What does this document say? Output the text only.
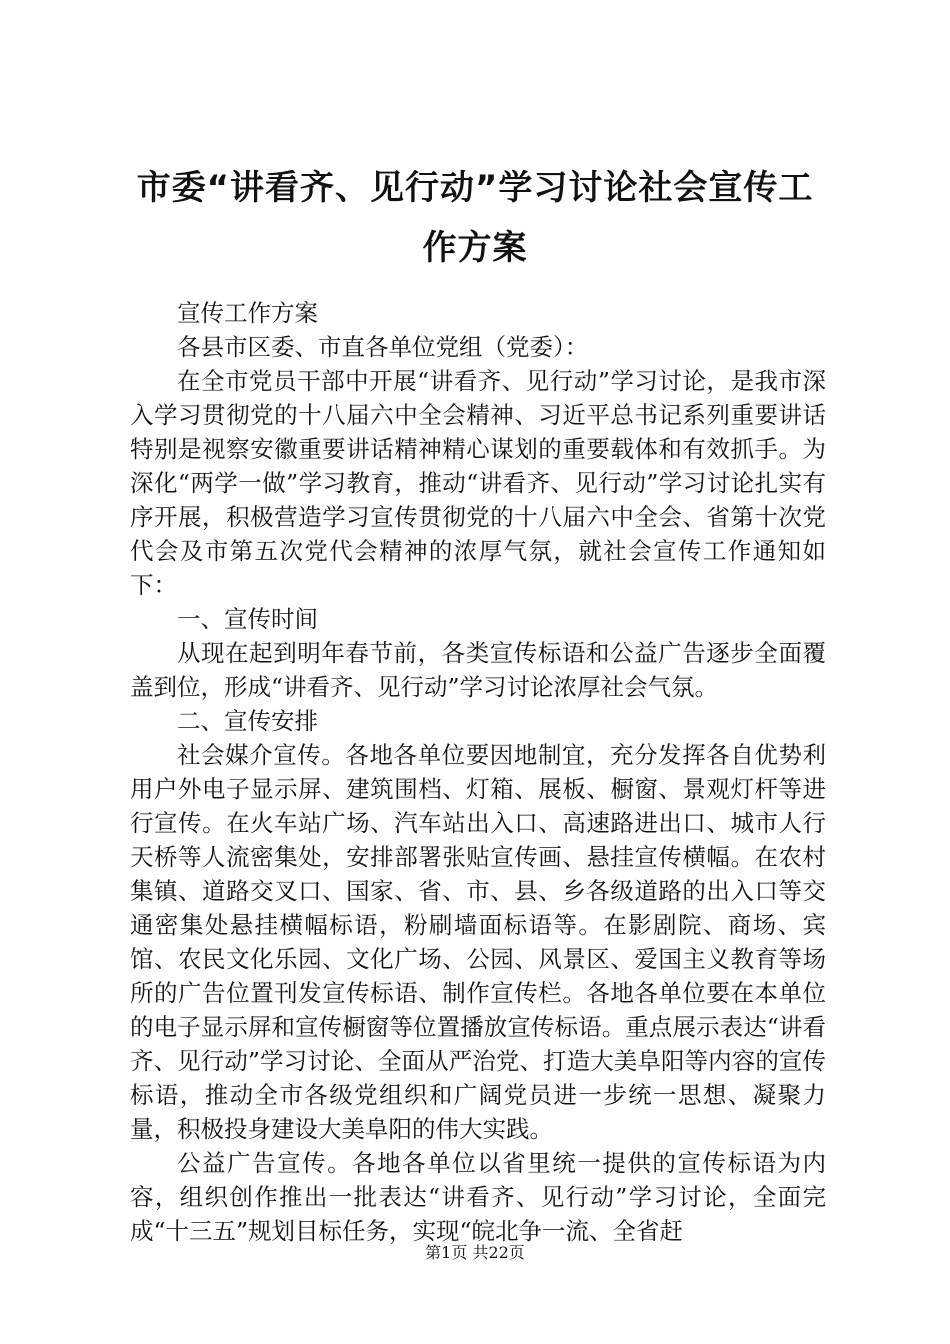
市委“讲看齐、见行动”学习讨论社会宣传工
作方案

宣传工作方案

各县市区委、市直各单位党组（党委）：

在全市党员干部中开展“讲看齐、见行动”学习讨论，是我市深入学习贯彻党的十八届六中全会精神、习近平总书记系列重要讲话特别是视察安徽重要讲话精神精心谋划的重要载体和有效抓手。为深化“两学一做”学习教育，推动“讲看齐、见行动”学习讨论扎实有序开展，积极营造学习宣传贯彻党的十八届六中全会、省第十次党代会及市第五次党代会精神的浓厚气氛，就社会宣传工作通知如下：

一、宣传时间

从现在起到明年春节前，各类宣传标语和公益广告逐步全面覆盖到位，形成“讲看齐、见行动”学习讨论浓厚社会气氛。

二、宣传安排

社会媒介宣传。各地各单位要因地制宜，充分发挥各自优势利用户外电子显示屏、建筑围档、灯箱、展板、橱窗、景观灯杆等进行宣传。在火车站广场、汽车站出入口、高速路进出口、城市人行天桥等人流密集处，安排部署张贴宣传画、悬挂宣传横幅。在农村集镇、道路交叉口、国家、省、市、县、乡各级道路的出入口等交通密集处悬挂横幅标语，粉刷墙面标语等。在影剧院、商场、宾馆、农民文化乐园、文化广场、公园、风景区、爱国主义教育等场所的广告位置刊发宣传标语、制作宣传栏。各地各单位要在本单位的电子显示屏和宣传橱窗等位置播放宣传标语。重点展示表达“讲看齐、见行动”学习讨论、全面从严治党、打造大美阜阳等内容的宣传标语，推动全市各级党组织和广阔党员进一步统一思想、凝聚力量，积极投身建设大美阜阳的伟大实践。

公益广告宣传。各地各单位以省里统一提供的宣传标语为内容，组织创作推出一批表达“讲看齐、见行动”学习讨论，全面完成“十三五”规划目标任务，实现“皖北争一流、全省赶

第1页 共22页
